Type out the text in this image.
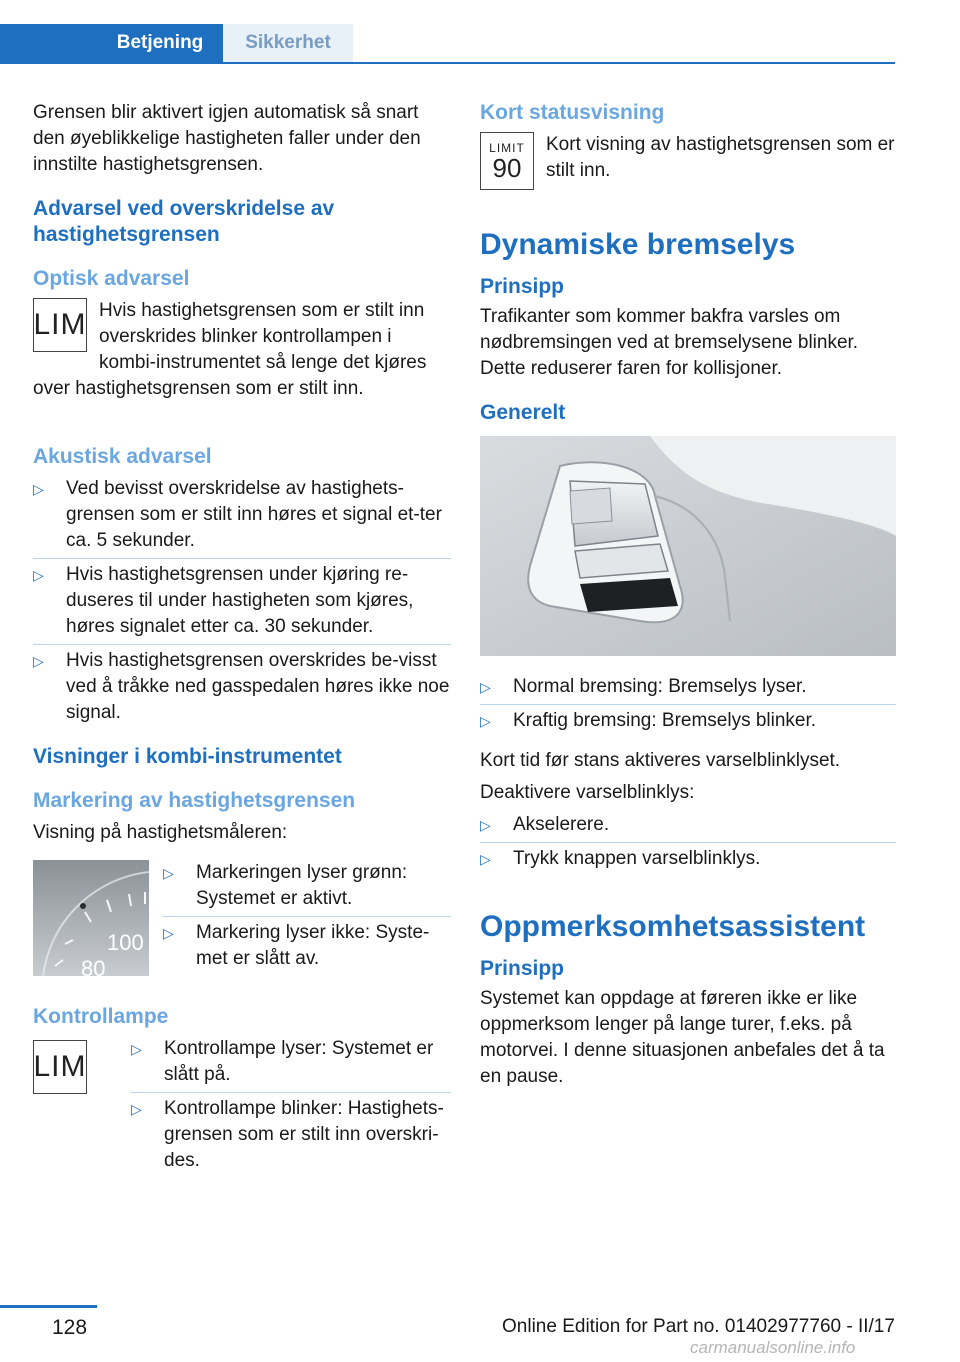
Betjening	Sikkerhet

Grensen blir aktivert igjen automatisk så snart den øyeblikkelige hastigheten faller under den innstilte hastighetsgrensen.

Advarsel ved overskridelse av hastighetsgrensen
Optisk advarsel
LIM Hvis hastighetsgrensen som er stilt inn overskrides blinker kontrollampen i kombi-instrumentet så lenge det kjøres over hastighetsgrensen som er stilt inn.

Akustisk advarsel
▷ Ved bevisst overskridelse av hastighets-grensen som er stilt inn høres et signal et-ter ca. 5 sekunder.
▷ Hvis hastighetsgrensen under kjøring re-duseres til under hastigheten som kjøres, høres signalet etter ca. 30 sekunder.
▷ Hvis hastighetsgrensen overskrides be-visst ved å tråkke ned gasspedalen høres ikke noe signal.
Visninger i kombi-instrumentet
Markering av hastighetsgrensen

Visning på hastighetsmåleren:

100
80
▷ Markeringen lyser grønn: Systemet er aktivt.
▷ Markering lyser ikke: Syste-met er slått av.
Kontrollampe
LIM
▷ Kontrollampe lyser: Systemet er slått på.
▷ Kontrollampe blinker: Hastighets-grensen som er stilt inn overskri-des.
Kort statusvisning
LIMIT
90

Kort visning av hastighetsgrensen som er stilt inn.

Dynamiske bremselys
Prinsipp

Trafikanter som kommer bakfra varsles om nødbremsingen ved at bremselysene blinker. Dette reduserer faren for kollisjoner.

Generelt
▷ Normal bremsing: Bremselys lyser.
▷ Kraftig bremsing: Bremselys blinker.

Kort tid før stans aktiveres varselblinklyset.

Deaktivere varselblinklys:

▷ Akselerere.
▷ Trykk knappen varselblinklys.
Oppmerksomhetsassistent
Prinsipp

Systemet kan oppdage at føreren ikke er like oppmerksom lenger på lange turer, f.eks. på motorvei. I denne situasjonen anbefales det å ta en pause.

128	Online Edition for Part no. 01402977760 - II/17
carmanualsonline.info
